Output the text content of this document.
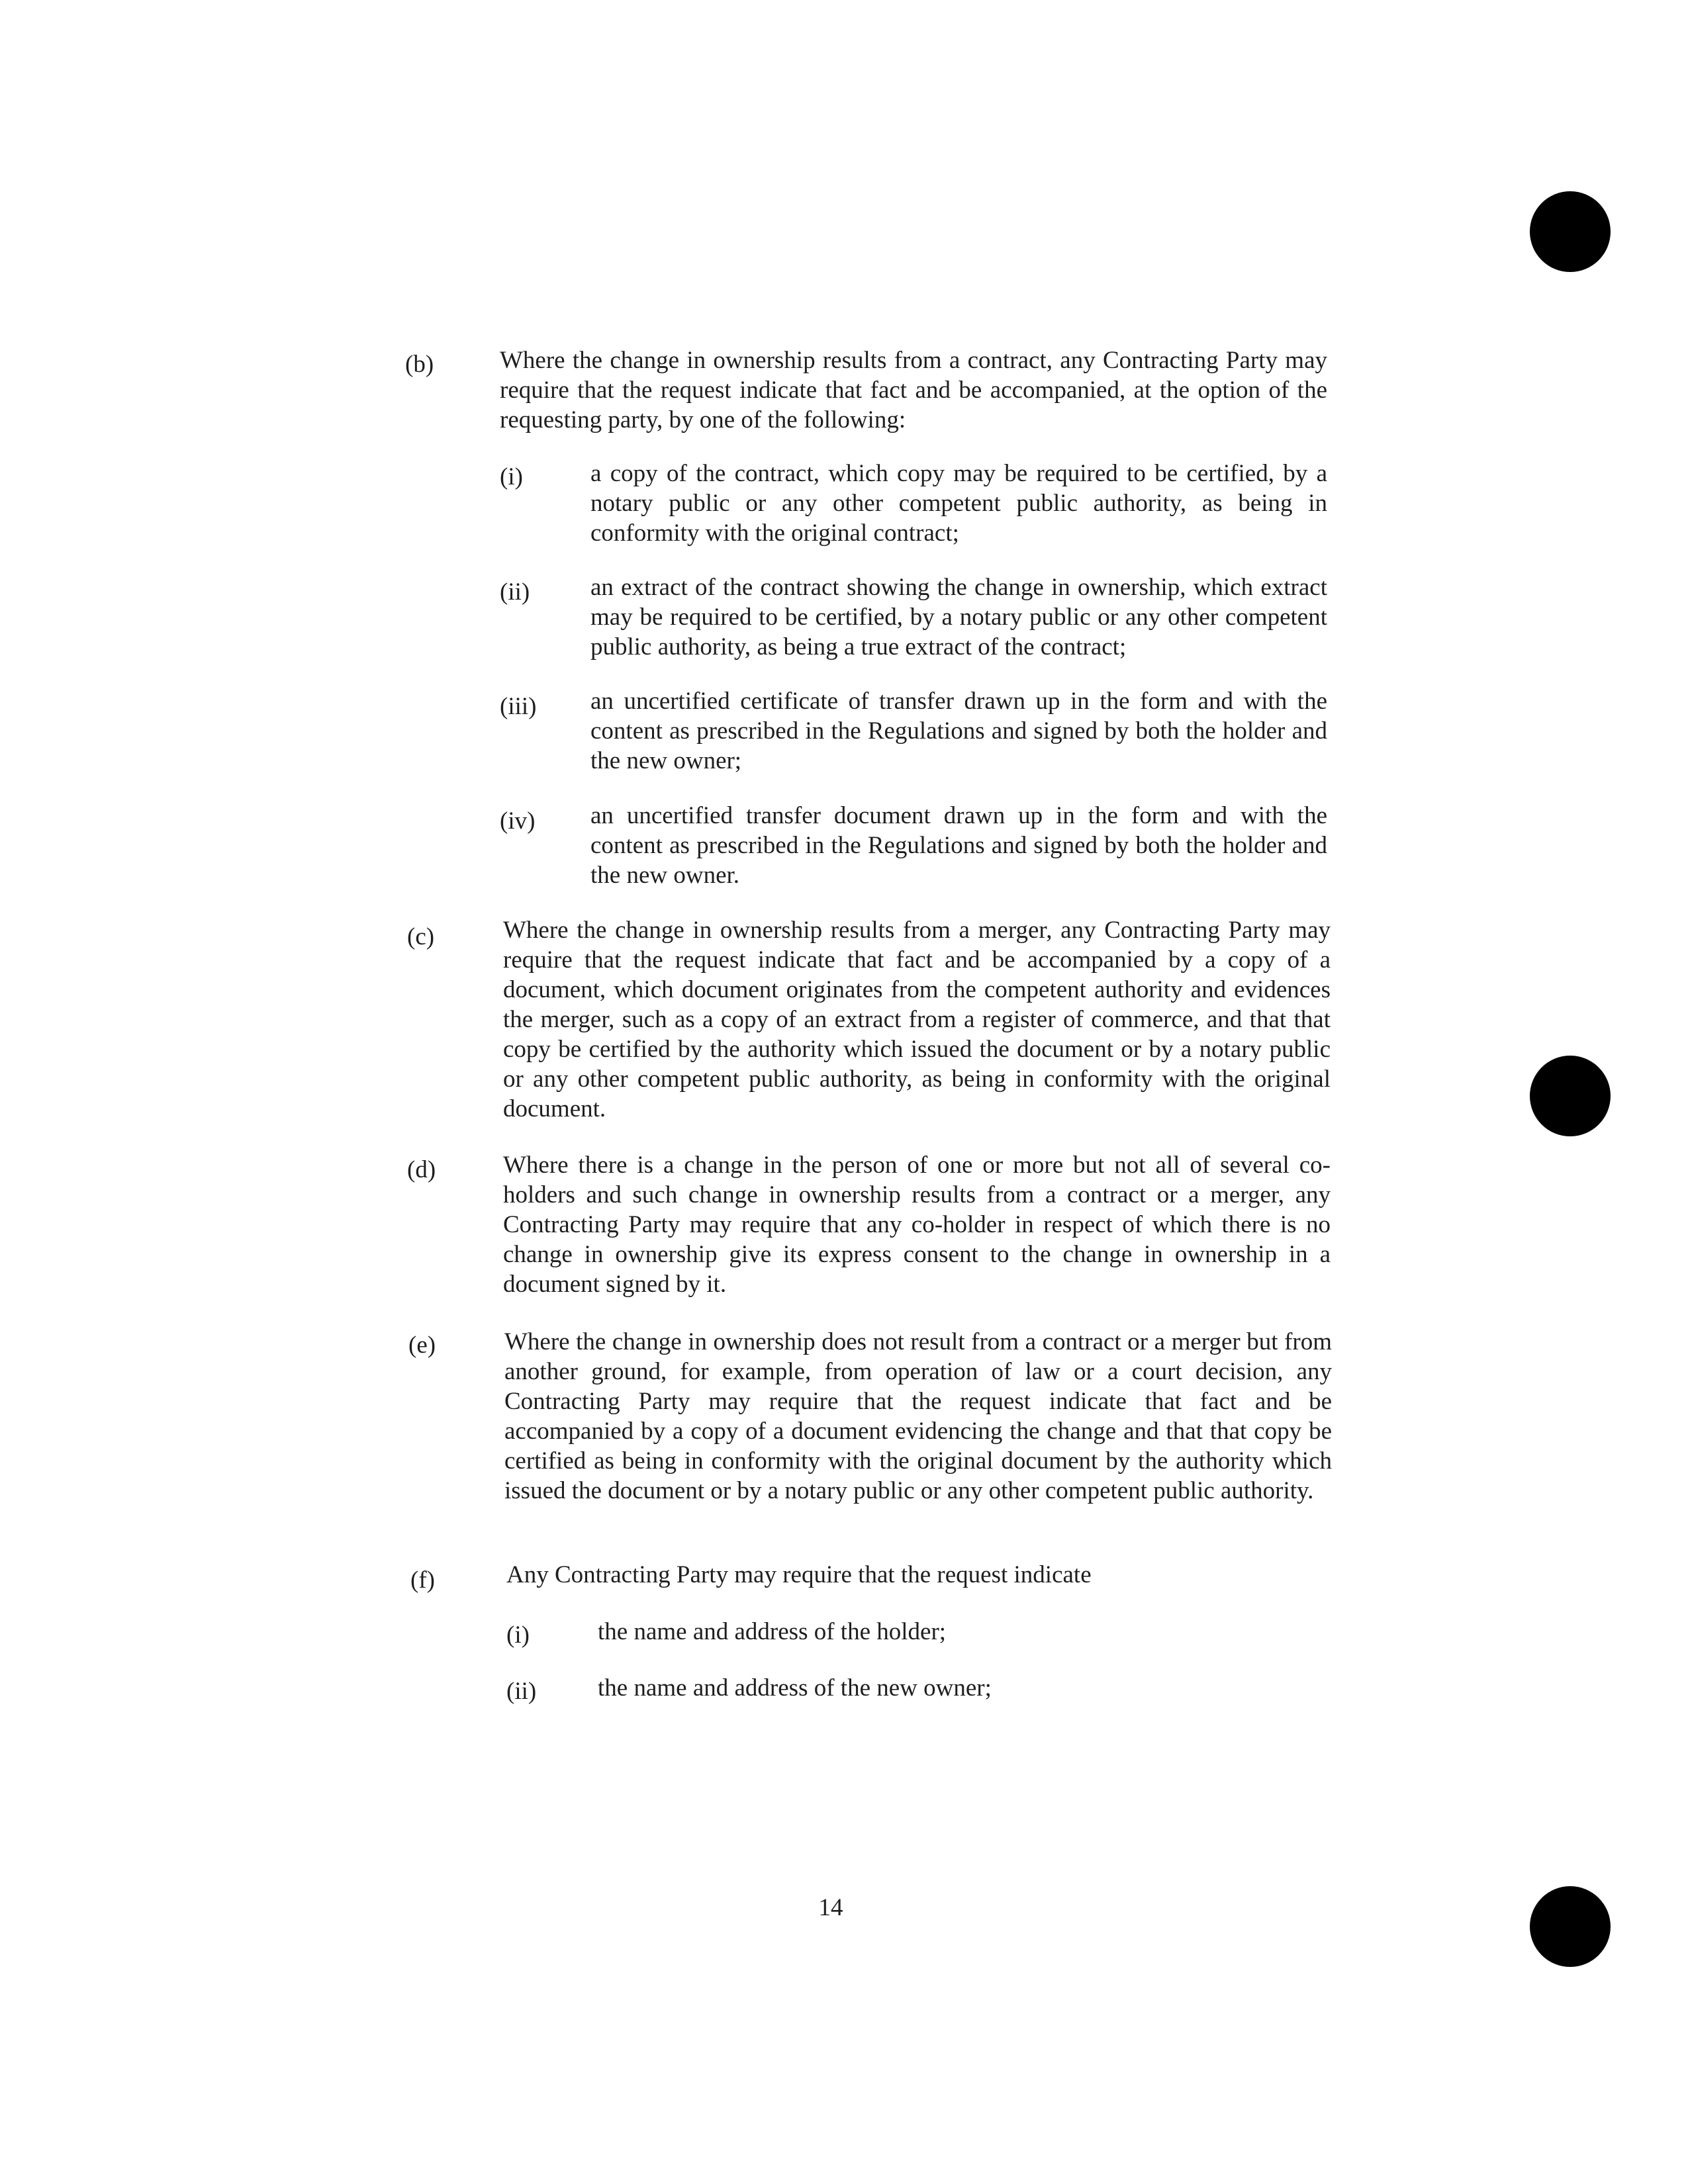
(b)	Where the change in ownership results from a contract, any Contracting Party may require that the request indicate that fact and be accompanied, at the option of the requesting party, by one of the following:
(i)	a copy of the contract, which copy may be required to be certified, by a notary public or any other competent public authority, as being in conformity with the original contract;
(ii) an extract of the contract showing the change in ownership, which extract may be required to be certified, by a notary public or any other competent public authority, as being a true extract of the contract;
(iii) an uncertified certificate of transfer drawn up in the form and with the content as prescribed in the Regulations and signed by both the holder and the new owner;
(iv) an uncertified transfer document drawn up in the form and with the content as prescribed in the Regulations and signed by both the holder and the new owner.
(c)	Where the change in ownership results from a merger, any Contracting Party may require that the request indicate that fact and be accompanied by a copy of a document, which document originates from the competent authority and evidences the merger, such as a copy of an extract from a register of commerce, and that that copy be certified by the authority which issued the document or by a notary public or any other competent public authority, as being in conformity with the original document.
(d)	Where there is a change in the person of one or more but not all of several co-holders and such change in ownership results from a contract or a merger, any Contracting Party may require that any co-holder in respect of which there is no change in ownership give its express consent to the change in ownership in a document signed by it.
(e)	Where the change in ownership does not result from a contract or a merger but from another ground, for example, from operation of law or a court decision, any Contracting Party may require that the request indicate that fact and be accompanied by a copy of a document evidencing the change and that that copy be certified as being in conformity with the original document by the authority which issued the document or by a notary public or any other competent public authority.
(f)	Any Contracting Party may require that the request indicate
(i)	the name and address of the holder;
(ii)	the name and address of the new owner;
14
